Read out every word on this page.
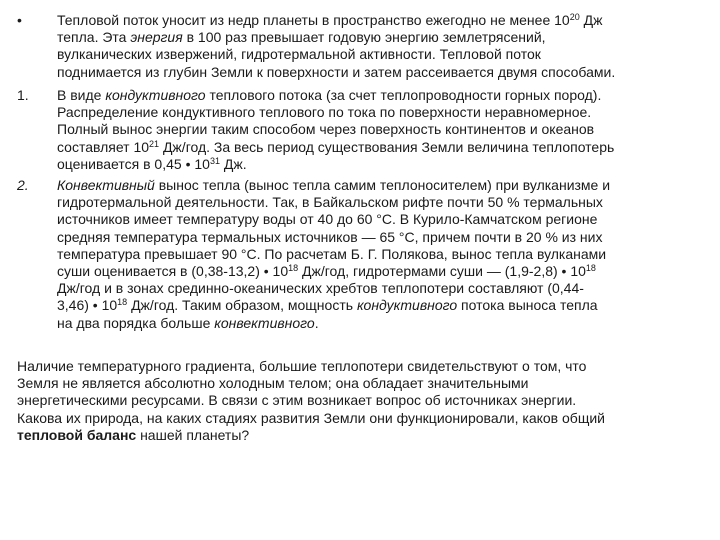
•	Тепловой поток уносит из недр планеты в пространство ежегодно не менее $10^{20}$ Дж
тепла. Эта энергия в 100 раз превышает годовую энергию землетрясений,
вулканических извержений, гидротермальной активности. Тепловой поток
поднимается из глубин Земли к поверхности и затем рассеивается двумя способами.
1. В виде кондуктивного теплового потока (за счет теплопроводности горных пород).
Распределение кондуктивного теплового по тока по поверхности неравномерное.
Полный вынос энергии таким способом через поверхность континентов и океанов
составляет $10^{21}$ Дж/год. За весь период существования Земли величина теплопотерь
оценивается в 0,45 • $10^{31}$ Дж.
2. Конвективный вынос тепла (вынос тепла самим теплоносителем) при вулканизме и
гидротермальной деятельности. Так, в Байкальском рифте почти 50 % термальных
источников имеет температуру воды от 40 до 60 °С. В Курило-Камчатском регионе
средняя температура термальных источников — 65 °С, причем почти в 20 % из них
температура превышает 90 °С. По расчетам Б. Г. Полякова, вынос тепла вулканами
суши оценивается в (0,38-13,2) • $10^{18}$ Дж/год, гидротермами суши — (1,9-2,8) • $10^{18}$
Дж/год и в зонах срединно-океанических хребтов теплопотери составляют (0,44-
3,46) • $10^{18}$ Дж/год. Таким образом, мощность кондуктивного потока выноса тепла
на два порядка больше конвективного.
Наличие температурного градиента, большие теплопотери свидетельствуют о том, что
Земля не является абсолютно холодным телом; она обладает значительными
энергетическими ресурсами. В связи с этим возникает вопрос об источниках энергии.
Какова их природа, на каких стадиях развития Земли они функционировали, каков общий
тепловой баланс нашей планеты?
